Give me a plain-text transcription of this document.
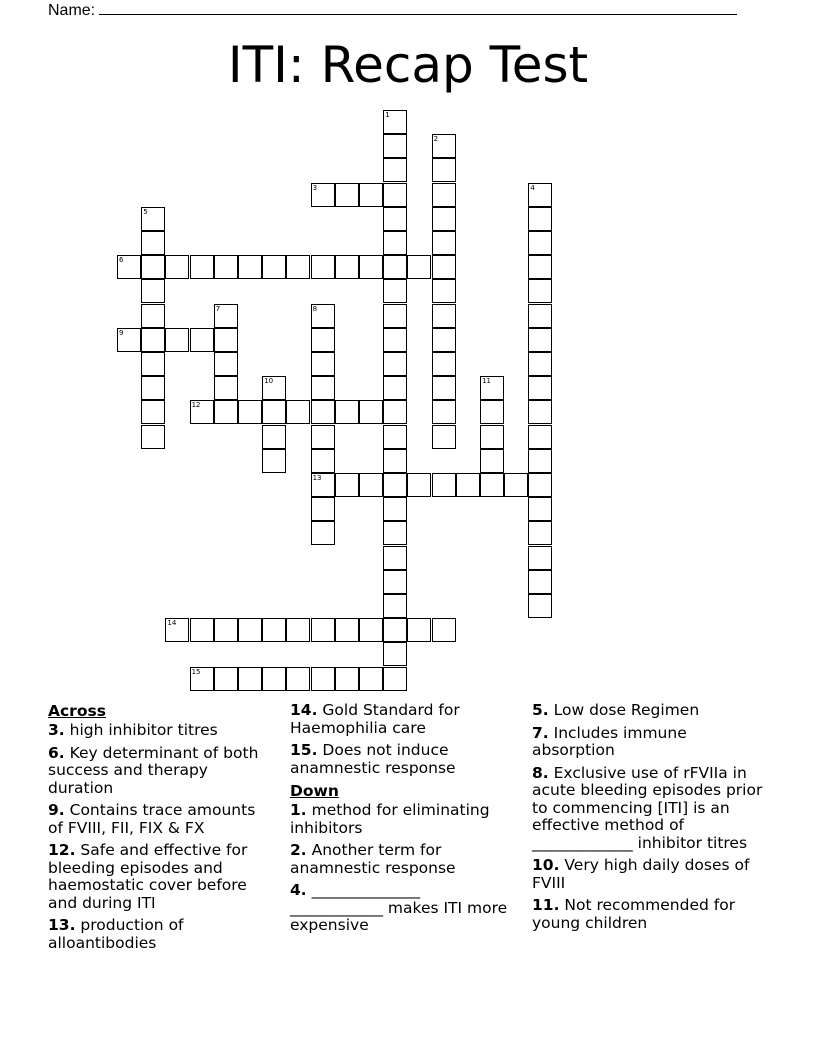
Name:
ITI: Recap Test
1
2
3	4
5
6
7	8
13
9
10	11
12
14
15
Across
3. high inhibitor titres
6. Key determinant of both success and therapy duration
9. Contains trace amounts of FVIII, FII, FIX & FX
12. Safe and effective for bleeding episodes and haemostatic cover before and during ITI
13. production of alloantibodies
14. Gold Standard for Haemophilia care
15. Does not induce anamnestic response
Down
1. method for eliminating inhibitors
2. Another term for anamnestic response
4. ______________ ____________ makes ITI more expensive
5. Low dose Regimen
7. Includes immune absorption
8. Exclusive use of rFVIIa in acute bleeding episodes prior to commencing [ITI] is an effective method of _____________ inhibitor titres
10. Very high daily doses of FVIII
11. Not recommended for young children
